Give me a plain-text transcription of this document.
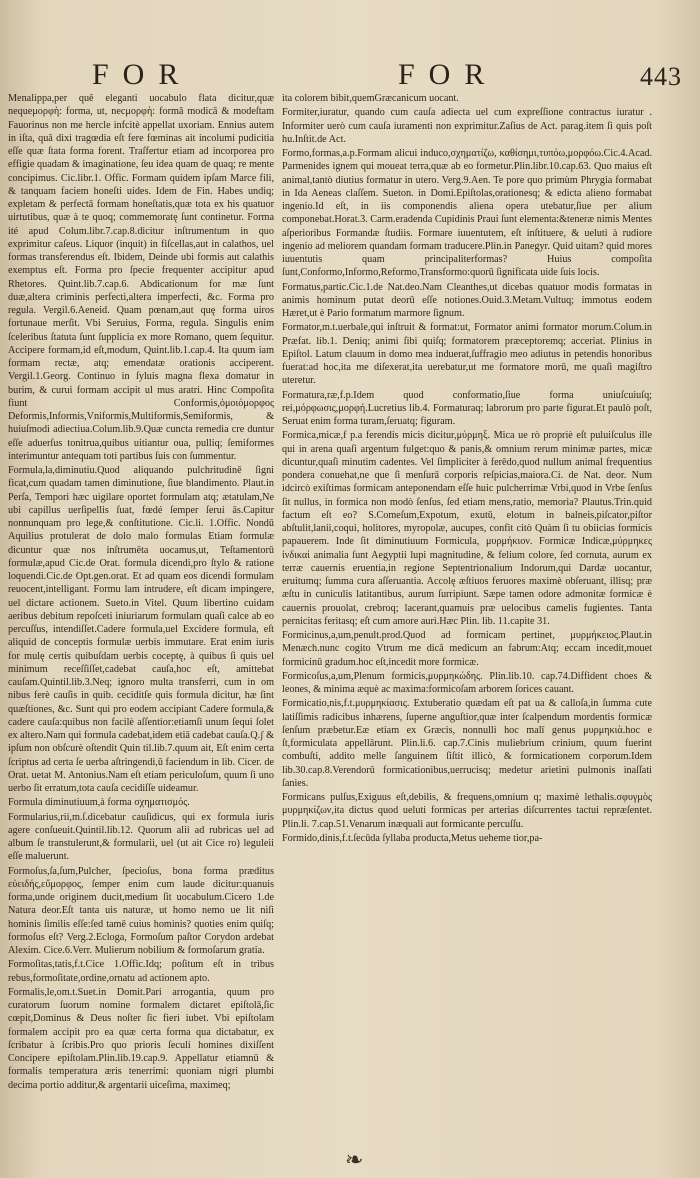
FOR	FOR	443

Menalippa,per quē eleganti uocabulo flata dicitur,quæ nequeμορφὴ: forma, ut, necμορφὴ: formā modicā & modeſtam Fauorinus non me hercle infcitè appellat uxoriam. Ennius autem in iſta, quā dixi tragœdia eſt fere fœminas ait incolumi pudicitia eſſe quæ ſtata forma forent. Traſfertur etiam ad incorporea pro effigie quadam & imaginatione, ſeu idea quam de quaq; re mente concipimus. Cic.libr.1. Offic. Formam quidem ipſam Marce fili, & tanquam faciem honeſti uides. Idem de Fin. Habes undiq; expletam & perfectā formam honeſtatis,quæ tota ex his quatuor uirtutibus, quæ à te quoq; commemoratę ſunt continetur. Forma ité apud Colum.libr.7.cap.8.dicitur inſtrumentum in quo exprimitur caſeus. Liquor (inquit) in fiſcellas,aut in calathos, uel formas transferendus eſt. Ibidem, Deinde ubi formis aut calathis exemptus eſt. Forma pro ſpecie frequenter accipitur apud Rhetores. Quint.lib.7.cap.6. Abdicationum for mæ ſunt duæ,altera criminis perfecti,altera imperfecti, &c. Forma pro regula. Vergil.6.Aeneid. Quam pœnam,aut quę forma uiros fortunaue merſit. Vbi Seruius, Forma, regula. Singulis enim ſceleribus ſtatuta ſunt ſupplicia ex more Romano, quem ſequitur. Accipere formam,id eſt,modum, Quint.lib.1.cap.4. Ita quum iam formam rectæ, atq; emendatæ orationis acciperent. Vergil.1.Georg. Continuo in ſyluis magna flexa domatur in burim, & curui formam accipit ul mus aratri. Hinc Compoſita fiunt Conformis,ὁμοιόμορφος Deformis,Informis,Vniformis,Multiformis,Semiformis, & huiuſmodi adiectiua.Colum.lib.9.Quæ cuncta remedia cre duntur eſſe aduerſus tonitrua,quibus uitiantur oua, pulliq; ſemiformes interimuntur antequam toti partibus ſuis con ſummentur.

Formula,la,diminutiu.Quod aliquando pulchritudinē ſigni ficat,cum quadam tamen diminutione, ſiue blandimento. Plaut.in Perſa, Tempori hæc uigilare oportet formulam atq; ætatulam,Ne ubi capillus uerſipellis ſuat, fœdé ſemper ſerui ās.Capitur nonnunquam pro lege,& conſtitutione. Cic.li. 1.Offic. Nondū Aquilius protulerat de dolo malo formulas Etiam formulæ dicuntur quæ nos inſtrumēta uocamus,ut, Teſtamentorū formulæ,apud Cic.de Orat. formula dicendi,pro ſtylo & ratione loquendi.Cic.de Opt.gen.orat. Et ad quam eos dicendi formulam reuocent,intelligant. Formu lam intrudere, eſt dicam impingere, uel dictare actionem. Sueto.in Vitel. Quum libertino cuidam aeribus debitum repoſceti iniuriarum formulam quaſi calce ab eo percuſſus, intendiſſet.Cadere formula,uel Excidere formula, eſt aliquid de conceptis formulæ uerbis immutare. Erat enim iuris for mulę certis quibuſdam uerbis coceptę, à quibus ſi quis uel minimum receſſiſſet,cadebat cauſa,hoc eſt, amittebat cauſam.Quintil.lib.3.Neq; ignoro multa transferri, cum in om nibus ferè cauſis in quib. ceciditſe quis formula dicitur, hæ ſint quæſtiones, &c. Sunt qui pro eodem accipiant Cadere formula,& cadere cauſa:quibus non facilè aſſentior:etiamſi unum ſequi ſolet ex altero.Nam qui formula cadebat,idem etiā cadebat cauſa.Q.ʃ & ipſum non obſcurè oſtendit Quin til.lib.7.quum ait, Eſt enim certa ſcriptus ad certa ſe uerba aſtringendi,ū faciendum in lib. Cicer. de Orat. uetat M. Antonius.Nam eſt etiam periculoſum, quum ſi uno uerbo ſit erratum,tota cauſa cecidiſſe uideamur.

Formula diminutiuum,à forma σχηματισμός.

Formularius,rii,m.ſ.dicebatur cauſidicus, qui ex formula iuris agere conſueuit.Quintil.lib.12. Quorum alii ad rubricas uel ad album ſe transtulerunt,& formularii, uel (ut ait Cice ro) leguleii eſſe maluerunt.

Formoſus,ſa,ſum,Pulcher, ſpecioſus, bona forma præditus εὐειδής,εὔμορφος, ſemper enim cum laude dicitur:quanuis forma,unde originem ducit,medium ſit uocabulum.Cicero 1.de Natura deor.Eſt tanta uis naturæ, ut homo nemo ue lit niſi hominis ſimilis eſſe:ſed tamē cuius hominis? quoties enim quiſq; formoſus eſt? Verg.2.Ecloga, Formoſum paſtor Corydon ardebat Alexim. Cice.6.Verr. Mulierum nobilium & formoſarum gratia.

Formoſitas,tatis,f.t.Cice 1.Offic.Idq; poſitum eſt in tribus rebus,formoſitate,ordine,ornatu ad actionem apto.

Formalis,le,om.t.Suet.in Domit.Pari arrogantia, quum pro curatorum ſuorum nomine formalem dictaret epiſtolā,ſic cœpit,Dominus & Deus noſter ſic fieri iubet. Vbi epiſtolam formalem accipit pro ea quæ certa forma qua dictabatur, ex ſcribatur à ſcribis.Pro quo prioris ſeculi homines dixiſſent Concipere epiſtolam.Plin.lib.19.cap.9. Appellatur etiamnū & formalis temperatura æris tenerrimi: quoniam nigri plumbi decima portio additur,& argentarii uiceſima, maximeq;

ita colorem bibit,quemGræcanicum uocant.

Formiter,iuratur, quando cum cauſa adiecta uel cum expreſſione contractus iuratur . Informiter uerò cum cauſa iuramenti non exprimitur.Zaſius de Act. parag.item ſi quis poſt hu.Inſtit.de Act.

Formo,formas,a.p.Formam alicui induco,σχηματίζω, καθίσημι,τυπόω,μορφόω.Cic.4.Acad. Parmenides ignem qui moueat terra,quæ ab eo formetur.Plin.libr.10.cap.63. Quo maius eſt animal,tantò diutius formatur in utero. Verg.9.Aen. Te pore quo primùm Phrygia formabat in Ida Aeneas claſſem. Sueton. in Domi.Epiſtolas,orationesq; & edicta alieno formabat ingenio.Id eſt, in iis componendis aliena opera utebatur,ſiue per alium componebat.Horat.3. Carm.eradenda Cupidinis Praui ſunt elementa:&teneræ nimis Mentes aſperioribus Formandæ ſtudiis. Formare iuuentutem, eſt inſtituere, & ueluti à rudiore ingenio ad meliorem quandam formam traducere.Plin.in Panegyr. Quid uitam? quid mores iuuentutis quam principaliterformas? Huius compoſita ſunt,Conformo,Informo,Reformo,Transformo:quorū ſignificata uide ſuis locis.

Formatus,partic.Cic.1.de Nat.deo.Nam Cleanthes,ut dicebas quatuor modis formatas in animis hominum putat deorū eſſe notiones.Ouid.3.Metam.Vultuq; immotus eodem Hæret,ut è Pario formatum marmore ſignum.

Formator,m.t.uerbale,qui inſtruit & format:ut, Formator animi formator morum.Colum.in Præfat. lib.1. Deniq; animi ſibi quiſq; formatorem præceptoremq; acceriat. Plinius in Epiſtol. Latum clauum in domo mea induerat,ſuffragio meo adiutus in petendis honoribus fuerat:ad hoc,ita me diſexerat,ita uerebatur,ut me formatore morū, me quaſi magiſtro uteretur.

Formatura,ræ,f.p.Idem quod conformatio,ſiue forma uniuſcuiuſq; rei,μόρφωσις,μορφή.Lucretius lib.4. Formaturaq; labrorum pro parte figurat.Et paulò poſt, Seruat enim forma turam,ſeruatq; figuram.

Formica,micæ,f p.a ferendis micis dicitur,μύρμηξ. Mica ue rò propriè eſt puluiſculus ille qui in arena quaſi argentum fulget:quo & panis,& omnium rerum minimæ partes, micæ dicuntur,quaſi minutim cadentes. Vel ſimpliciter à ferēdo,quod nullum animal frequentius pondera conuehat,ne que ſi menſurā corporis reſpicias,maiora.Ci. de Nat. deor. Num idcircò exiſtimas formicam anteponendam eſſe huic pulcherrimæ Vrbi,quod in Vrbe ſenſus ſit nullus, in formica non modò ſenſus, ſed etiam mens,ratio, memoria? Plautus.Trin.quid factum eſt eo? S.Comeſum,Expotum, exutū, elotum in balneis,piſcator,piſtor abſtulit,lanii,coqui, holitores, myropolæ, aucupes, confit citò Quàm ſi tu obiicias formicis papauerem. Inde ſit diminutiuum Formicula, μυρμήκιον. Formicæ Indicæ,μύρμηκες ἰνδικαὶ animalia ſunt Aegyptii lupi magnitudine, & felium colore, ſed cornuta, aurum ex terræ cauernis eruentia,in regione Septentrionalium Indorum,qui Dardæ uocantur, eruitumq; ſumma cura aſſeruantia. Accolę æſtiuos feruores maximè obſeruant, illisq; præ æſtu in cuniculis latitantibus, aurum ſurripiunt. Sæpe tamen odore admonitæ formicæ è cauernis prouolat, crebroq; lacerant,quamuis præ uelocibus camelis fugientes. Tanta pernicitas feritasq; eſt cum amore auri.Hæc Plin. lib. 11.capite 31.

Formicinus,a,um,penult.prod.Quod ad formicam pertinet, μυρμήκειος.Plaut.in Menæch.nunc cogito Vtrum me dicā medicum an fabrum:Atq; eccam incedit,mouet formicinū gradum.hoc eſt,incedit more formicæ.

Formicoſus,a,um,Plenum formicis,μυρμηκώδης. Plin.lib.10. cap.74.Diffident choes & leones, & minima æquè ac maxima:formicoſam arborem ſorices cauant.

Formicatio,nis,f.t.μυρμηκίασις. Extuberatio quædam eſt pat ua & calloſa,in ſumma cute latiſſimis radicibus inhærens, ſuperne anguſtior,quæ inter ſcalpendum mordentis formicæ ſenſum præbetur.Eæ etiam ex Græcis, nonnulli hoc malī genus μυρμηκιὰ.hoc e ſt,formiculata appellārunt. Plin.li.6. cap.7.Cinis muliebrium crinium, quum fuerint combuſti, addito melle ſanguinem ſiſtit illicò, & formicationem corporum.Idem lib.30.cap.8.Verendorū formicationibus,uerrucisq; medetur arietini pulmonis inaſſati ſanies.

Formicans pulſus,Exiguus eſt,debilis, & frequens,omnium q; maximè lethalis.σφυγμὸς μυρμηκίζων,ita dictus quod ueluti formicas per arterias diſcurrentes tactui repræſentet. Plin.li. 7.cap.51.Venarum inæquali aut formicante percuſſu.

Formido,dinis,f.t.ſecūda ſyllaba producta,Metus ueheme tior,pa-

❧
